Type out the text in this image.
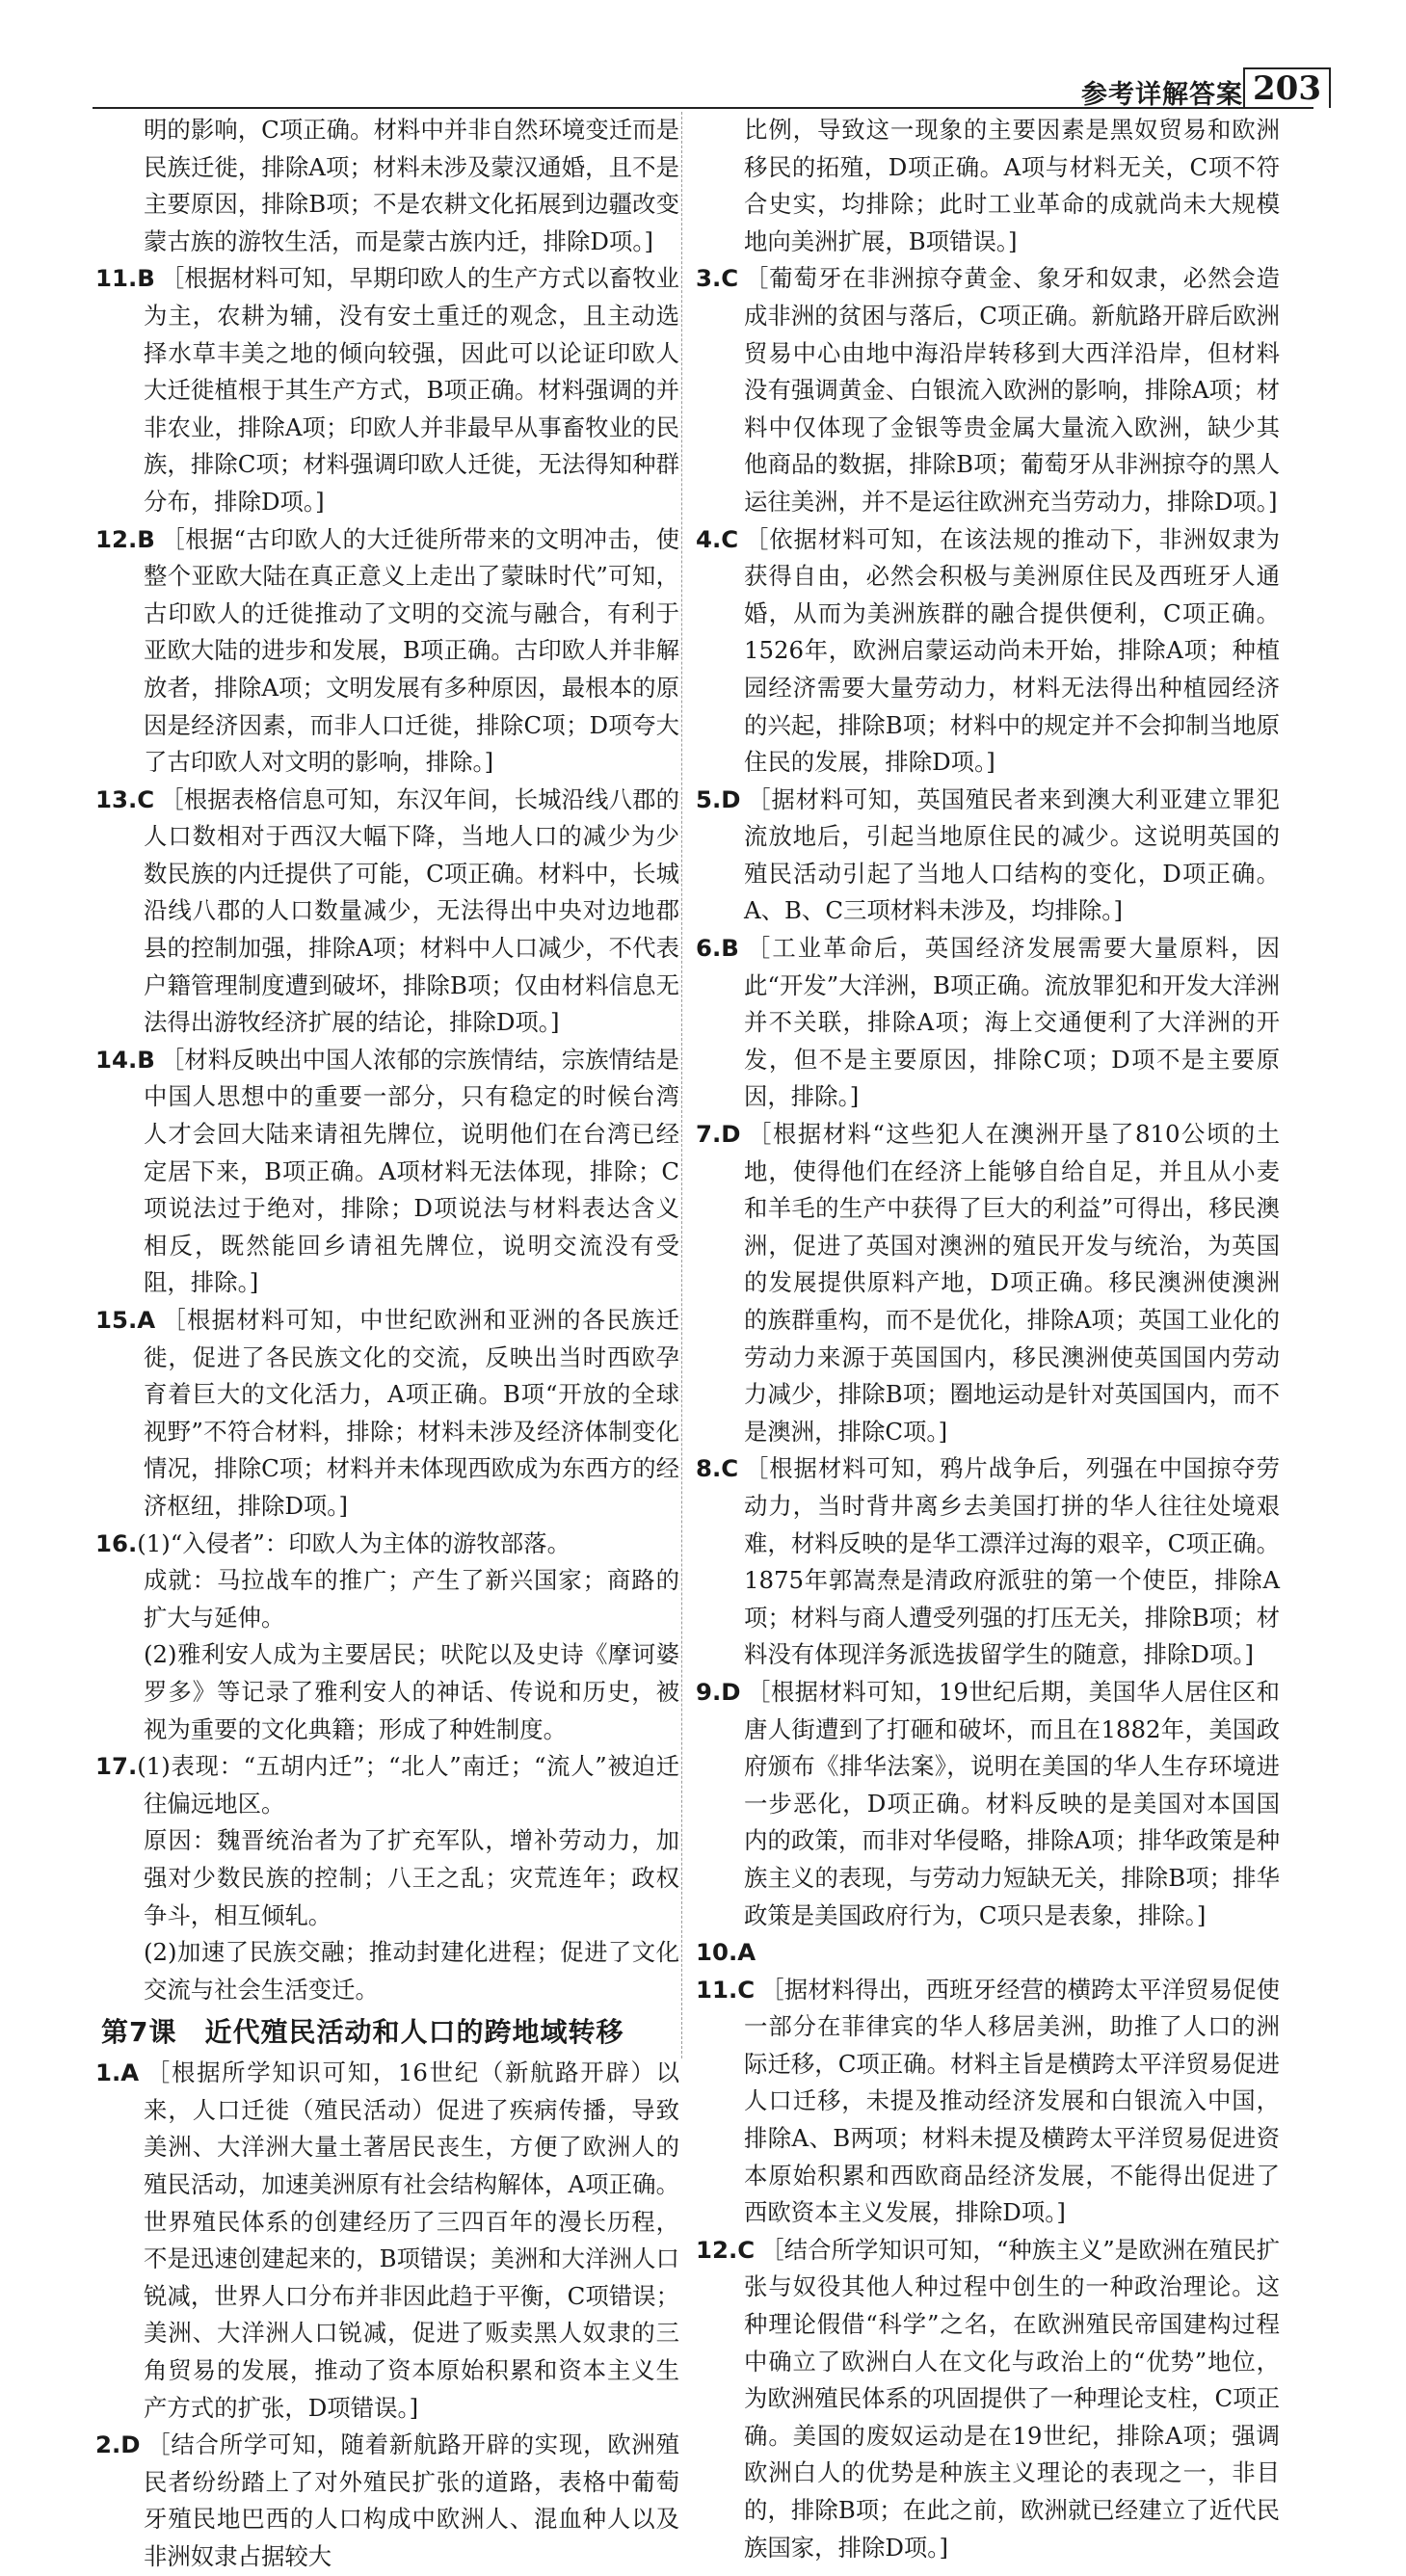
参考详解答案 203

明的影响，C项正确。材料中并非自然环境变迁而是民族迁徙，排除A项；材料未涉及蒙汉通婚，且不是主要原因，排除B项；不是农耕文化拓展到边疆改变蒙古族的游牧生活，而是蒙古族内迁，排除D项。]

11.B ［根据材料可知，早期印欧人的生产方式以畜牧业为主，农耕为辅，没有安土重迁的观念，且主动选择水草丰美之地的倾向较强，因此可以论证印欧人大迁徙植根于其生产方式，B项正确。材料强调的并非农业，排除A项；印欧人并非最早从事畜牧业的民族，排除C项；材料强调印欧人迁徙，无法得知种群分布，排除D项。]

12.B ［根据“古印欧人的大迁徙所带来的文明冲击，使整个亚欧大陆在真正意义上走出了蒙昧时代”可知，古印欧人的迁徙推动了文明的交流与融合，有利于亚欧大陆的进步和发展，B项正确。古印欧人并非解放者，排除A项；文明发展有多种原因，最根本的原因是经济因素，而非人口迁徙，排除C项；D项夸大了古印欧人对文明的影响，排除。]

13.C ［根据表格信息可知，东汉年间，长城沿线八郡的人口数相对于西汉大幅下降，当地人口的减少为少数民族的内迁提供了可能，C项正确。材料中，长城沿线八郡的人口数量减少，无法得出中央对边地郡县的控制加强，排除A项；材料中人口减少，不代表户籍管理制度遭到破坏，排除B项；仅由材料信息无法得出游牧经济扩展的结论，排除D项。]

14.B ［材料反映出中国人浓郁的宗族情结，宗族情结是中国人思想中的重要一部分，只有稳定的时候台湾人才会回大陆来请祖先牌位，说明他们在台湾已经定居下来，B项正确。A项材料无法体现，排除；C项说法过于绝对，排除；D项说法与材料表达含义相反，既然能回乡请祖先牌位，说明交流没有受阻，排除。]

15.A ［根据材料可知，中世纪欧洲和亚洲的各民族迁徙，促进了各民族文化的交流，反映出当时西欧孕育着巨大的文化活力，A项正确。B项“开放的全球视野”不符合材料，排除；材料未涉及经济体制变化情况，排除C项；材料并未体现西欧成为东西方的经济枢纽，排除D项。]

16.(1)“入侵者”：印欧人为主体的游牧部落。

成就：马拉战车的推广；产生了新兴国家；商路的扩大与延伸。

(2)雅利安人成为主要居民；吠陀以及史诗《摩诃婆罗多》等记录了雅利安人的神话、传说和历史，被视为重要的文化典籍；形成了种姓制度。

17.(1)表现：“五胡内迁”；“北人”南迁；“流人”被迫迁往偏远地区。

原因：魏晋统治者为了扩充军队，增补劳动力，加强对少数民族的控制；八王之乱；灾荒连年；政权争斗，相互倾轧。

(2)加速了民族交融；推动封建化进程；促进了文化交流与社会生活变迁。

第7课　近代殖民活动和人口的跨地域转移

1.A ［根据所学知识可知，16世纪（新航路开辟）以来，人口迁徙（殖民活动）促进了疾病传播，导致美洲、大洋洲大量土著居民丧生，方便了欧洲人的殖民活动，加速美洲原有社会结构解体，A项正确。世界殖民体系的创建经历了三四百年的漫长历程，不是迅速创建起来的，B项错误；美洲和大洋洲人口锐减，世界人口分布并非因此趋于平衡，C项错误；美洲、大洋洲人口锐减，促进了贩卖黑人奴隶的三角贸易的发展，推动了资本原始积累和资本主义生产方式的扩张，D项错误。]

2.D ［结合所学可知，随着新航路开辟的实现，欧洲殖民者纷纷踏上了对外殖民扩张的道路，表格中葡萄牙殖民地巴西的人口构成中欧洲人、混血种人以及非洲奴隶占据较大

比例，导致这一现象的主要因素是黑奴贸易和欧洲移民的拓殖，D项正确。A项与材料无关，C项不符合史实，均排除；此时工业革命的成就尚未大规模地向美洲扩展，B项错误。]

3.C ［葡萄牙在非洲掠夺黄金、象牙和奴隶，必然会造成非洲的贫困与落后，C项正确。新航路开辟后欧洲贸易中心由地中海沿岸转移到大西洋沿岸，但材料没有强调黄金、白银流入欧洲的影响，排除A项；材料中仅体现了金银等贵金属大量流入欧洲，缺少其他商品的数据，排除B项；葡萄牙从非洲掠夺的黑人运往美洲，并不是运往欧洲充当劳动力，排除D项。]

4.C ［依据材料可知，在该法规的推动下，非洲奴隶为获得自由，必然会积极与美洲原住民及西班牙人通婚，从而为美洲族群的融合提供便利，C项正确。1526年，欧洲启蒙运动尚未开始，排除A项；种植园经济需要大量劳动力，材料无法得出种植园经济的兴起，排除B项；材料中的规定并不会抑制当地原住民的发展，排除D项。]

5.D ［据材料可知，英国殖民者来到澳大利亚建立罪犯流放地后，引起当地原住民的减少。这说明英国的殖民活动引起了当地人口结构的变化，D项正确。A、B、C三项材料未涉及，均排除。]

6.B ［工业革命后，英国经济发展需要大量原料，因此“开发”大洋洲，B项正确。流放罪犯和开发大洋洲并不关联，排除A项；海上交通便利了大洋洲的开发，但不是主要原因，排除C项；D项不是主要原因，排除。]

7.D ［根据材料“这些犯人在澳洲开垦了810公顷的土地，使得他们在经济上能够自给自足，并且从小麦和羊毛的生产中获得了巨大的利益”可得出，移民澳洲，促进了英国对澳洲的殖民开发与统治，为英国的发展提供原料产地，D项正确。移民澳洲使澳洲的族群重构，而不是优化，排除A项；英国工业化的劳动力来源于英国国内，移民澳洲使英国国内劳动力减少，排除B项；圈地运动是针对英国国内，而不是澳洲，排除C项。]

8.C ［根据材料可知，鸦片战争后，列强在中国掠夺劳动力，当时背井离乡去美国打拼的华人往往处境艰难，材料反映的是华工漂洋过海的艰辛，C项正确。1875年郭嵩焘是清政府派驻的第一个使臣，排除A项；材料与商人遭受列强的打压无关，排除B项；材料没有体现洋务派选拔留学生的随意，排除D项。]

9.D ［根据材料可知，19世纪后期，美国华人居住区和唐人街遭到了打砸和破坏，而且在1882年，美国政府颁布《排华法案》，说明在美国的华人生存环境进一步恶化，D项正确。材料反映的是美国对本国国内的政策，而非对华侵略，排除A项；排华政策是种族主义的表现，与劳动力短缺无关，排除B项；排华政策是美国政府行为，C项只是表象，排除。]

10.A

11.C ［据材料得出，西班牙经营的横跨太平洋贸易促使一部分在菲律宾的华人移居美洲，助推了人口的洲际迁移，C项正确。材料主旨是横跨太平洋贸易促进人口迁移，未提及推动经济发展和白银流入中国，排除A、B两项；材料未提及横跨太平洋贸易促进资本原始积累和西欧商品经济发展，不能得出促进了西欧资本主义发展，排除D项。]

12.C ［结合所学知识可知，“种族主义”是欧洲在殖民扩张与奴役其他人种过程中创生的一种政治理论。这种理论假借“科学”之名，在欧洲殖民帝国建构过程中确立了欧洲白人在文化与政治上的“优势”地位，为欧洲殖民体系的巩固提供了一种理论支柱，C项正确。美国的废奴运动是在19世纪，排除A项；强调欧洲白人的优势是种族主义理论的表现之一，非目的，排除B项；在此之前，欧洲就已经建立了近代民族国家，排除D项。]
